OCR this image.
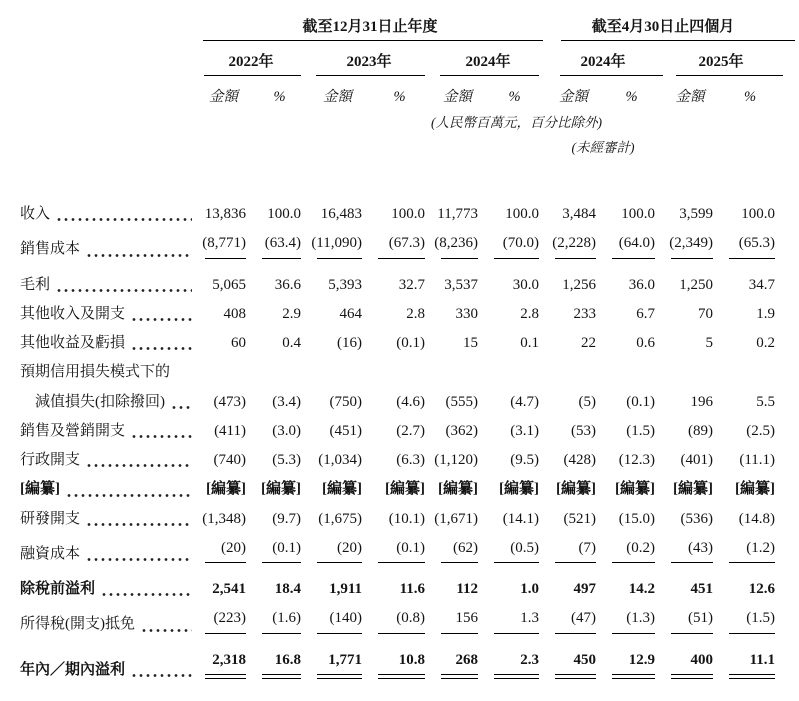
	截至12月31日止年度						截至4月30日止四個月			

	2022年		2023年		2024年		2024年		2025年	

	金額	%	金額	%	金額	%	金額	%	金額	%
					(人民幣百萬元，百分比除外)					
							(未經審計)			

收入	13,836	100.0	16,483	100.0	11,773	100.0	3,484	100.0	3,599	100.0

銷售成本	(8,771)	(63.4)	(11,090)	(67.3)	(8,236)	(70.0)	(2,228)	(64.0)	(2,349)	(65.3)

毛利	5,065	36.6	5,393	32.7	3,537	30.0	1,256	36.0	1,250	34.7

其他收入及開支	408	2.9	464	2.8	330	2.8	233	6.7	70	1.9

其他收益及虧損	60	0.4	(16)	(0.1)	15	0.1	22	0.6	5	0.2

預期信用損失模式下的										

減值損失(扣除撥回)	(473)	(3.4)	(750)	(4.6)	(555)	(4.7)	(5)	(0.1)	196	5.5

銷售及營銷開支	(411)	(3.0)	(451)	(2.7)	(362)	(3.1)	(53)	(1.5)	(89)	(2.5)

行政開支	(740)	(5.3)	(1,034)	(6.3)	(1,120)	(9.5)	(428)	(12.3)	(401)	(11.1)

[編纂]	[編纂]	[編纂]	[編纂]	[編纂]	[編纂]	[編纂]	[編纂]	[編纂]	[編纂]	[編纂]

研發開支	(1,348)	(9.7)	(1,675)	(10.1)	(1,671)	(14.1)	(521)	(15.0)	(536)	(14.8)

融資成本	(20)	(0.1)	(20)	(0.1)	(62)	(0.5)	(7)	(0.2)	(43)	(1.2)

除稅前溢利	2,541	18.4	1,911	11.6	112	1.0	497	14.2	451	12.6

所得稅(開支)抵免	(223)	(1.6)	(140)	(0.8)	156	1.3	(47)	(1.3)	(51)	(1.5)

年內／期內溢利	2,318	16.8	1,771	10.8	268	2.3	450	12.9	400	11.1
